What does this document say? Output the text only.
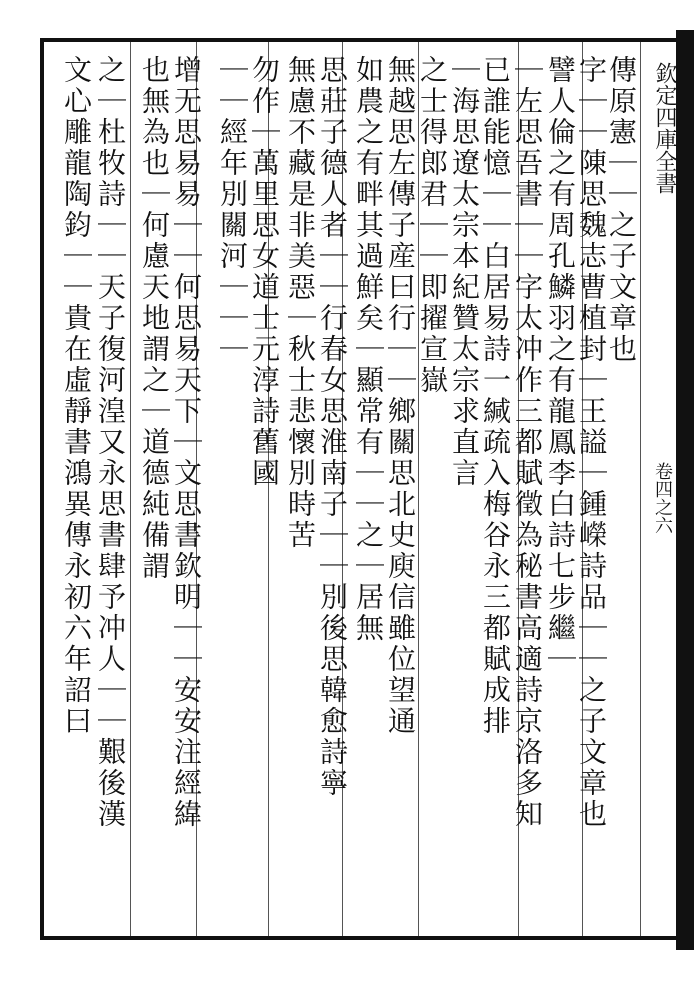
欽定四庫全書
卷四之六
傳原憲｜｜之子文章也
字｜｜陳思魏志曹植封｜王謚｜鍾嶸詩品｜｜之子文章也
譬人倫之有周孔鱗羽之有龍鳳李白詩七步繼｜
｜左思吾書｜｜字太冲作三都賦徵為秘書高適詩京洛多知
已誰能憶｜｜白居易詩一緘疏入梅谷永三都賦成排
｜海思遼太宗本紀贊太宗求直言
之士得郎君｜｜即擢宣嶽
無越思左傳子産曰行｜｜鄉關思北史庾信雖位望通
如農之有畔其過鮮矣｜顯常有｜｜之｜居無
思莊子德人者｜｜行春女思淮南子｜｜別後思韓愈詩寧
無慮不藏是非美惡｜秋士悲懷別時苦
勿作｜萬里思女道士元淳詩舊國
｜｜經年別關河｜｜｜
增无思易易｜｜何思易天下｜文思書欽明｜｜安安注經緯
也無為也｜何慮天地謂之｜道德純備謂
之｜杜牧詩｜｜天子復河湟又永思書肆予冲人｜｜艱後漢
文心雕龍陶鈞｜｜貴在虛靜書鴻異傳永初六年詔曰
